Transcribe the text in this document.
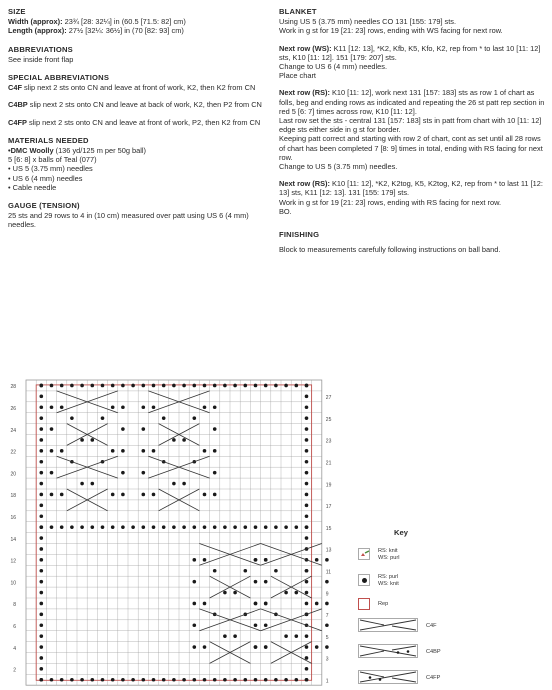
SIZE
Width (approx): 23¾ [28: 32¼] in (60.5 [71.5: 82] cm)
Length (approx): 27½ [32¼: 36½] in (70 [82: 93] cm)
ABBREVIATIONS
See inside front flap
SPECIAL ABBREVIATIONS
C4F slip next 2 sts onto CN and leave at front of work, K2, then K2 from CN
C4BP slip next 2 sts onto CN and leave at back of work, K2, then P2 from CN
C4FP slip next 2 sts onto CN and leave at front of work, P2, then K2 from CN
MATERIALS NEEDED
•DMC Woolly (136 yd/125 m per 50g ball)
5 [6: 8] x balls of Teal (077)
• US 5 (3.75 mm) needles
• US 6 (4 mm) needles
• Cable needle
GAUGE (TENSION)
25 sts and 29 rows to 4 in (10 cm) measured over patt using US 6 (4 mm) needles.
BLANKET
Using US 5 (3.75 mm) needles CO 131 [155: 179] sts.
Work in g st for 19 [21: 23] rows, ending with WS facing for next row.
Next row (WS): K11 [12: 13], *K2, Kfb, K5, Kfo, K2, rep from * to last 10 [11: 12] sts, K10 [11: 12]. 151 [179: 207] sts.
Change to US 6 (4 mm) needles.
Place chart
Next row (RS): K10 [11: 12], work next 131 [157: 183] sts as row 1 of chart as folls, beg and ending rows as indicated and repeating the 26 st patt rep section in red 5 [6: 7] times across row, K10 [11: 12].
Last row set the sts - central 131 [157: 183] sts in patt from chart with 10 [11: 12] edge sts either side in g st for border.
Keeping patt correct and starting with row 2 of chart, cont as set until all 28 rows of chart has been completed 7 [8: 9] times in total, ending with RS facing for next row.
Change to US 5 (3.75 mm) needles.
Next row (RS): K10 [11: 12], *K2, K2tog, K5, K2tog, K2, rep from * to last 11 [12: 13] sts, K11 [12: 13]. 131 [155: 179] sts.
Work in g st for 19 [21: 23] rows, ending with RS facing for next row.
BO.
FINISHING
Block to measurements carefully following instructions on ball band.
28
26
24
22
20
18
16
14
12
10
8
6
4
2
27
25
23
21
19
17
15
13
11
9
7
5
3
1
Key
RS: knit
WS: purl
RS: purl
WS: knit
Rep
C4F
C4BP
C4FP
